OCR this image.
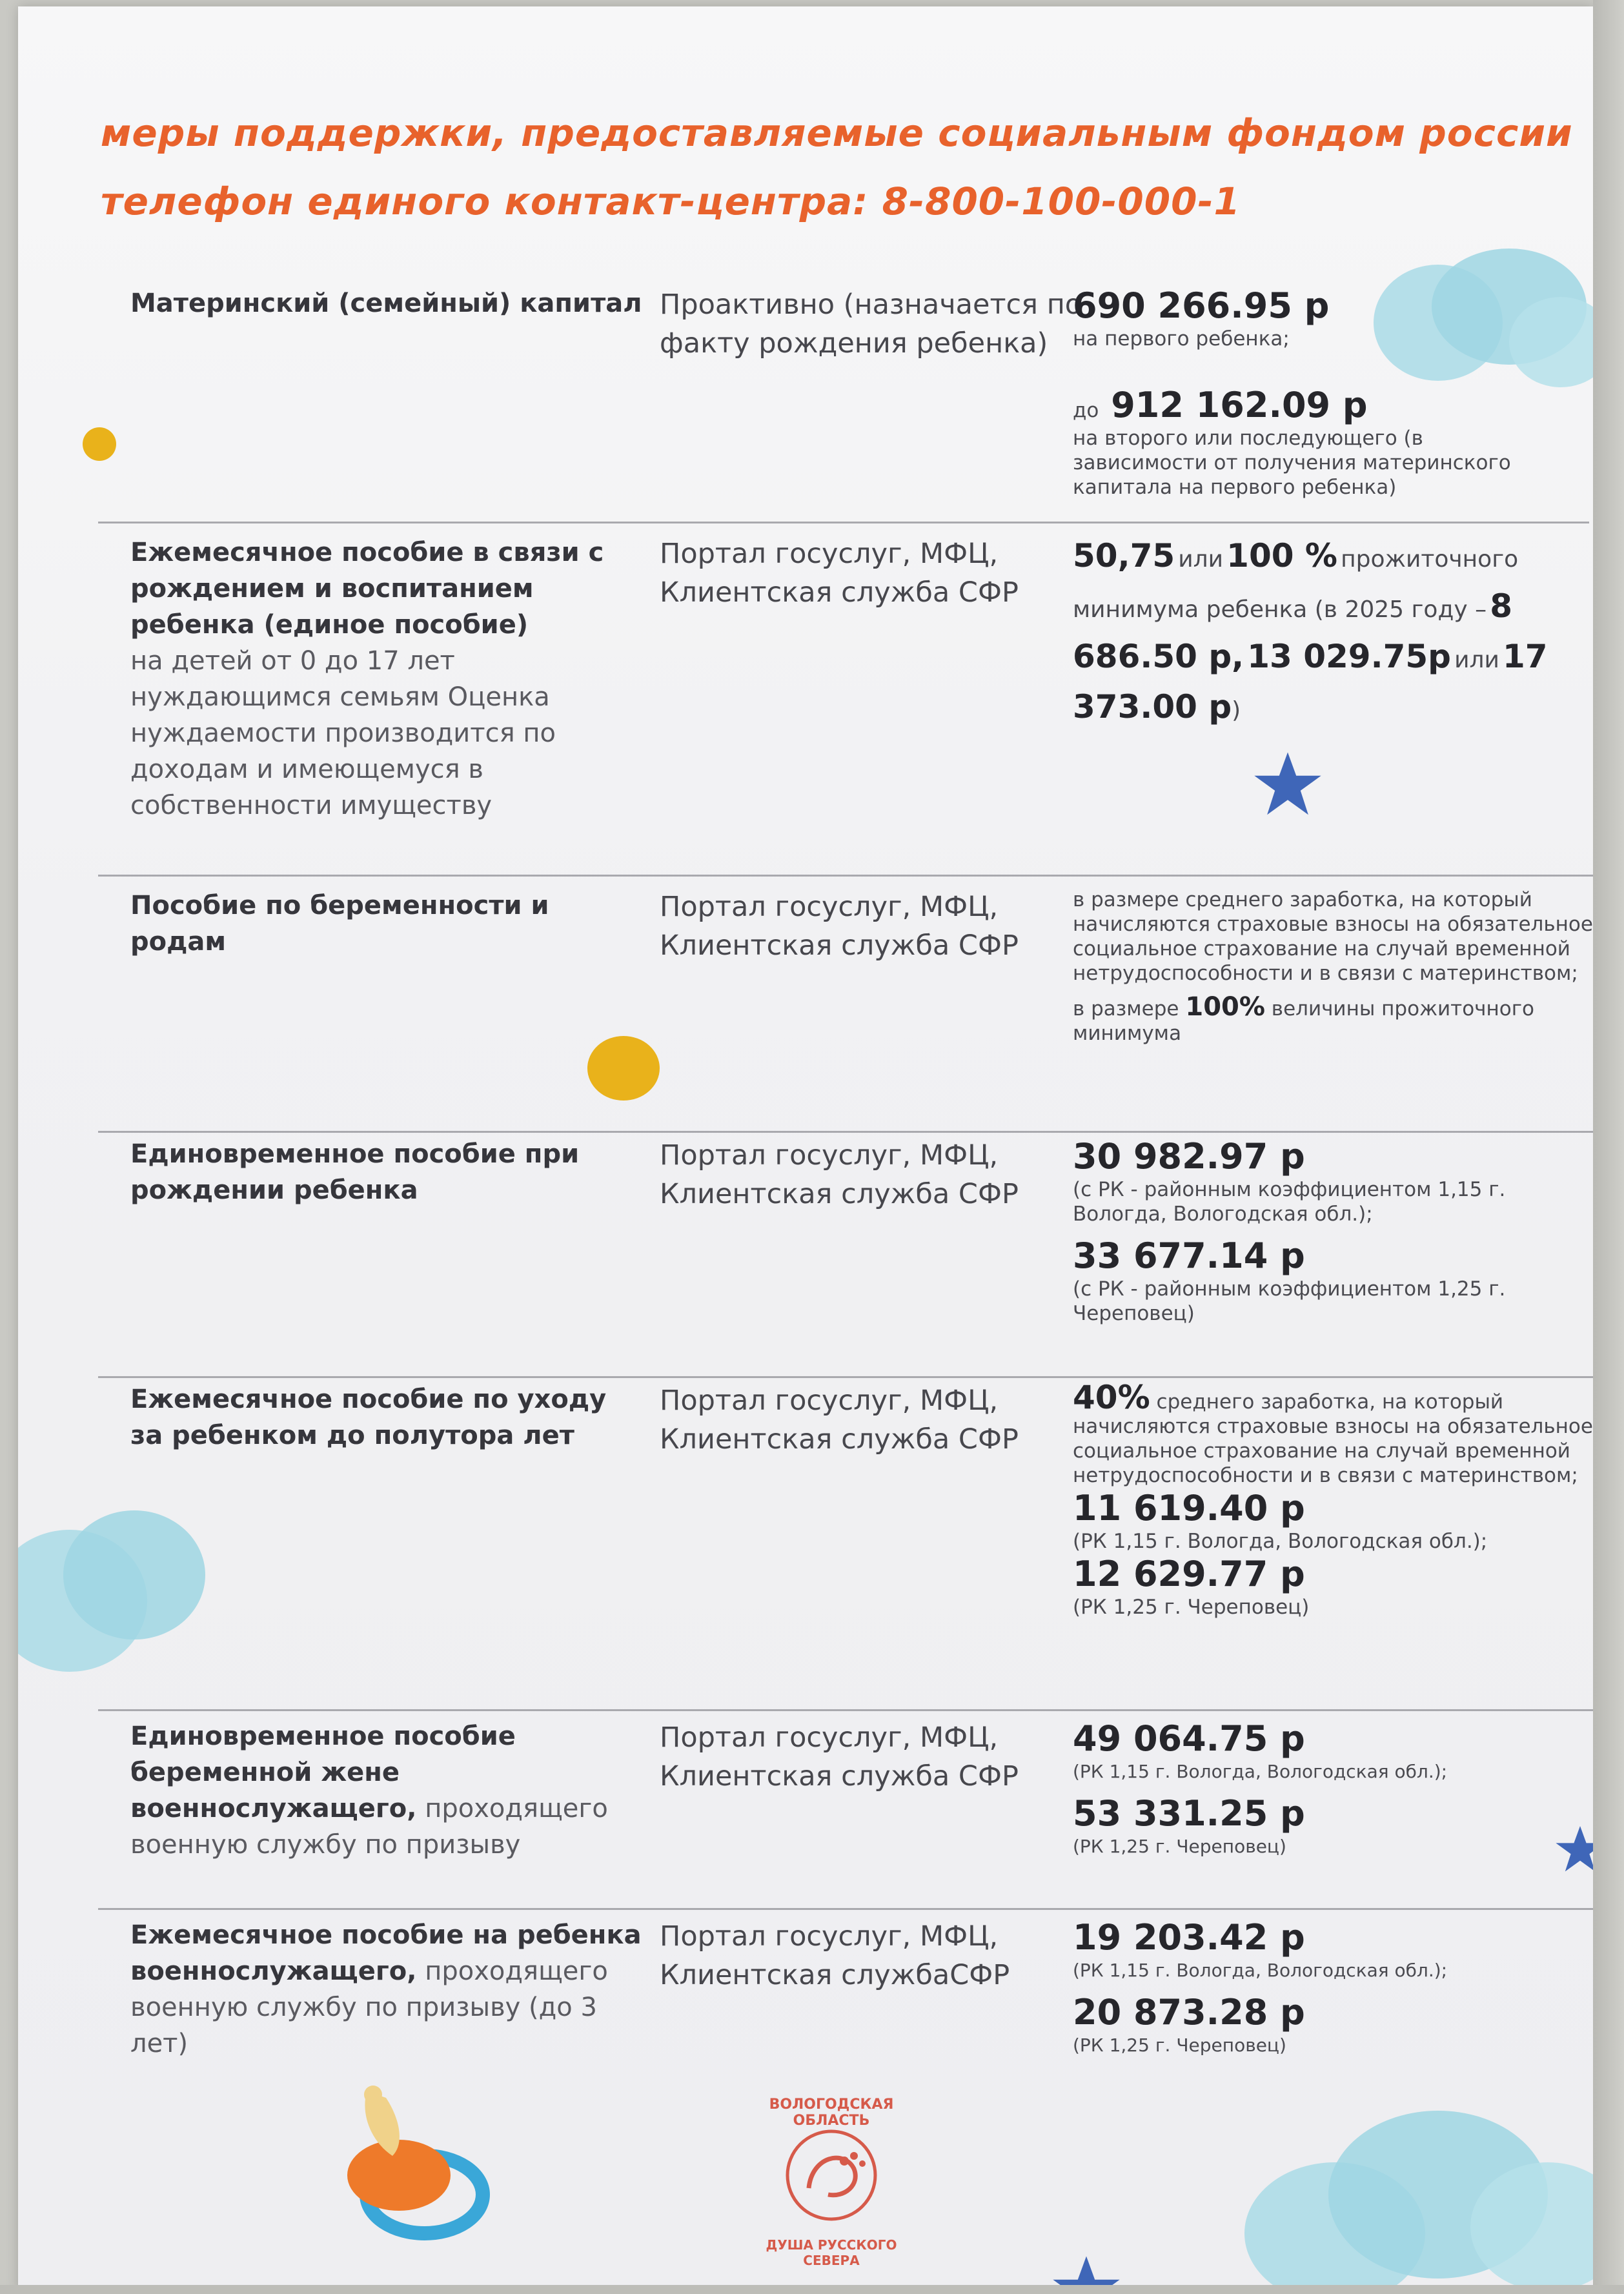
ВОЛОГОДСКАЯ ОБЛАСТЬ
ДУША РУССКОГО СЕВЕРА
меры поддержки, предоставляемые социальным фондом россии
телефон единого контакт-центра: 8-800-100-000-1
Материнский (семейный) капитал Проактивно (назначается по факту рождения ребенка)
690 266.95 р
на первого ребенка;
до 912 162.09 р
на второго или последующего (в зависимости от получения материнского капитала на первого ребенка)
Ежемесячное пособие в связи с рождением и воспитанием ребенка (единое пособие)
на детей от 0 до 17 лет нуждающимся семьям Оценка нуждаемости производится по доходам и имеющемуся в собственности имуществу
Портал госуслуг, МФЦ, Клиентская служба СФР
50,75 или 100 % прожиточного минимума ребенка (в 2025 году – 8 686.50 р, 13 029.75р или 17 373.00 р)
Пособие по беременности и родам
Портал госуслуг, МФЦ, Клиентская служба СФР
в размере среднего заработка, на который начисляются страховые взносы на обязательное социальное страхование на случай временной нетрудоспособности и в связи с материнством;
в размере 100% величины прожиточного минимума
Единовременное пособие при рождении ребенка
Портал госуслуг, МФЦ, Клиентская служба СФР
30 982.97 р
(с РК - районным коэффициентом 1,15 г. Вологда, Вологодская обл.);
33 677.14 р
(с РК - районным коэффициентом 1,25 г. Череповец)
Ежемесячное пособие по уходу за ребенком до полутора лет
Портал госуслуг, МФЦ, Клиентская служба СФР
40% среднего заработка, на который начисляются страховые взносы на обязательное социальное страхование на случай временной нетрудоспособности и в связи с материнством;
11 619.40 р
(РК 1,15 г. Вологда, Вологодская обл.);
12 629.77 р
(РК 1,25 г. Череповец)
Единовременное пособие беременной жене военнослужащего, проходящего военную службу по призыву
Портал госуслуг, МФЦ, Клиентская служба СФР
49 064.75 р
(РК 1,15 г. Вологда, Вологодская обл.);
53 331.25 р
(РК 1,25 г. Череповец)
Ежемесячное пособие на ребенка военнослужащего, проходящего военную службу по призыву (до 3 лет)
Портал госуслуг, МФЦ, Клиентская службаСФР
19 203.42 р
(РК 1,15 г. Вологда, Вологодская обл.);
20 873.28 р
(РК 1,25 г. Череповец)
